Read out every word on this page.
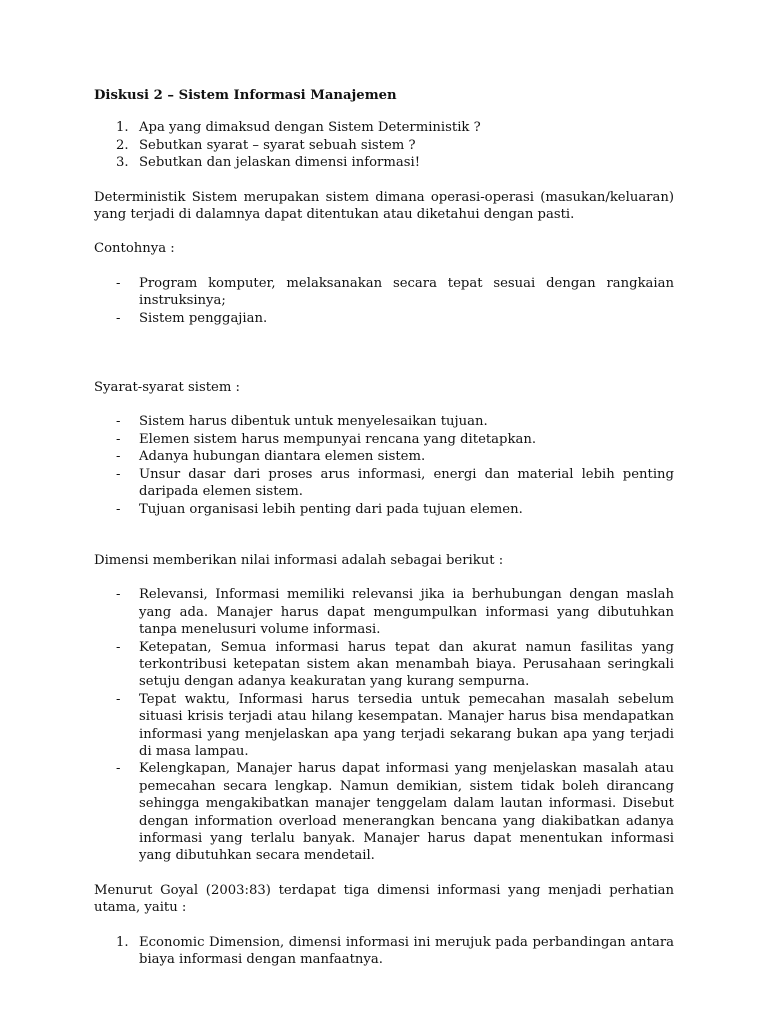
Diskusi 2 – Sistem Informasi Manajemen
1. Apa yang dimaksud dengan Sistem Deterministik ?
2. Sebutkan syarat – syarat sebuah sistem ?
3. Sebutkan dan jelaskan dimensi informasi!

Deterministik Sistem merupakan sistem dimana operasi-operasi (masukan/keluaran) yang terjadi di dalamnya dapat ditentukan atau diketahui dengan pasti.

Contohnya :

- Program komputer, melaksanakan secara tepat sesuai dengan rangkaian instruksinya;
- Sistem penggajian.

Syarat-syarat sistem :

- Sistem harus dibentuk untuk menyelesaikan tujuan.
- Elemen sistem harus mempunyai rencana yang ditetapkan.
- Adanya hubungan diantara elemen sistem.
- Unsur dasar dari proses arus informasi, energi dan material lebih penting daripada elemen sistem.
- Tujuan organisasi lebih penting dari pada tujuan elemen.

Dimensi memberikan nilai informasi adalah sebagai berikut :

- Relevansi, Informasi memiliki relevansi jika ia berhubungan dengan maslah yang ada. Manajer harus dapat mengumpulkan informasi yang dibutuhkan tanpa menelusuri volume informasi.
- Ketepatan, Semua informasi harus tepat dan akurat namun fasilitas yang terkontribusi ketepatan sistem akan menambah biaya. Perusahaan seringkali setuju dengan adanya keakuratan yang kurang sempurna.
- Tepat waktu, Informasi harus tersedia untuk pemecahan masalah sebelum situasi krisis terjadi atau hilang kesempatan. Manajer harus bisa mendapatkan informasi yang menjelaskan apa yang terjadi sekarang bukan apa yang terjadi di masa lampau.
- Kelengkapan, Manajer harus dapat informasi yang menjelaskan masalah atau pemecahan secara lengkap. Namun demikian, sistem tidak boleh dirancang sehingga mengakibatkan manajer tenggelam dalam lautan informasi. Disebut dengan information overload menerangkan bencana yang diakibatkan adanya informasi yang terlalu banyak. Manajer harus dapat menentukan informasi yang dibutuhkan secara mendetail.

Menurut Goyal (2003:83) terdapat tiga dimensi informasi yang menjadi perhatian utama, yaitu :

1. Economic Dimension, dimensi informasi ini merujuk pada perbandingan antara biaya informasi dengan manfaatnya.
